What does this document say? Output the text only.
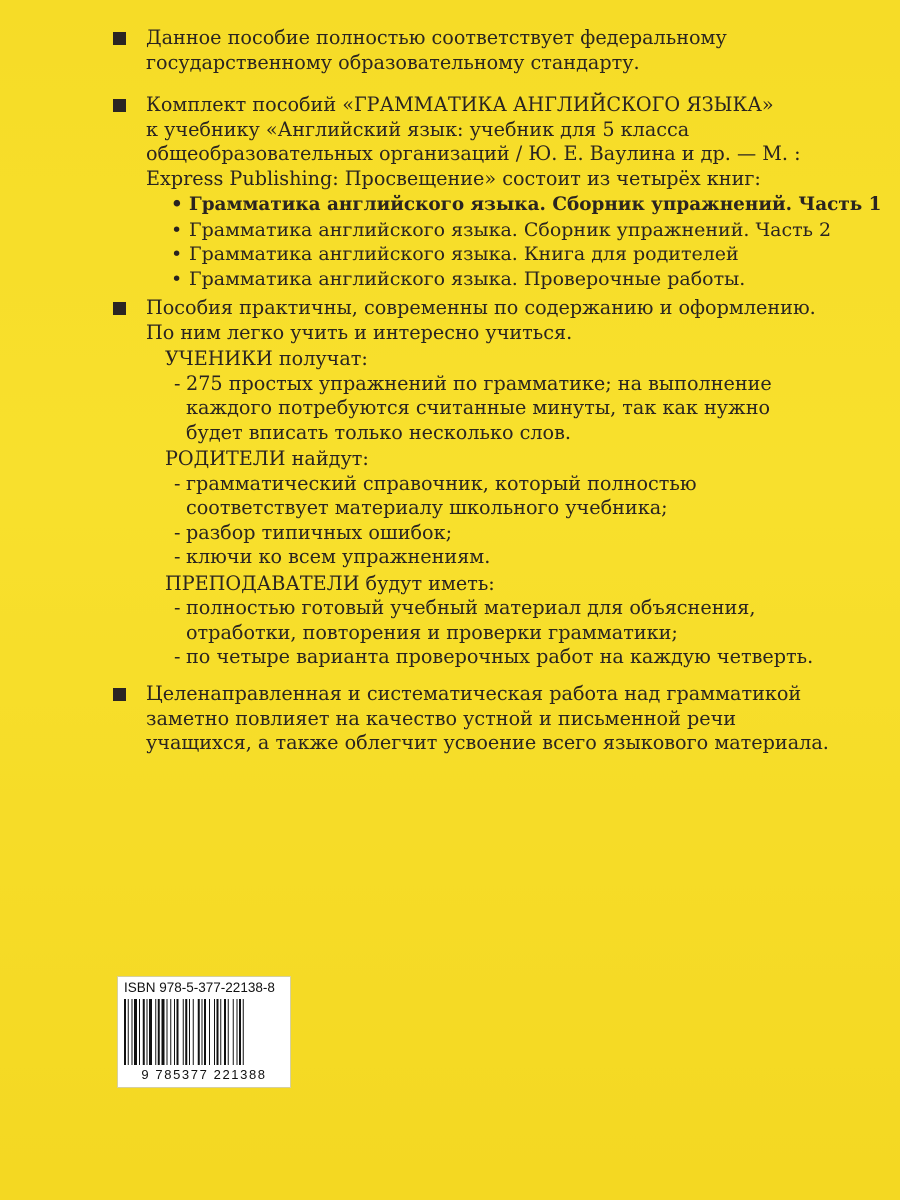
Данное пособие полностью соответствует федеральному
государственному образовательному стандарту.
Комплект пособий «ГРАММАТИКА АНГЛИЙСКОГО ЯЗЫКА»
к учебнику «Английский язык: учебник для 5 класса
общеобразовательных организаций / Ю. Е. Ваулина и др. — М. :
Express Publishing: Просвещение» состоит из четырёх книг:
• Грамматика английского языка. Сборник упражнений. Часть 1
• Грамматика английского языка. Сборник упражнений. Часть 2
• Грамматика английского языка. Книга для родителей
• Грамматика английского языка. Проверочные работы.
Пособия практичны, современны по содержанию и оформлению.
По ним легко учить и интересно учиться.
УЧЕНИКИ получат:
- 275 простых упражнений по грамматике; на выполнение
каждого потребуются считанные минуты, так как нужно
будет вписать только несколько слов.
РОДИТЕЛИ найдут:
- грамматический справочник, который полностью
соответствует материалу школьного учебника;
- разбор типичных ошибок;
- ключи ко всем упражнениям.
ПРЕПОДАВАТЕЛИ будут иметь:
- полностью готовый учебный материал для объяснения,
отработки, повторения и проверки грамматики;
- по четыре варианта проверочных работ на каждую четверть.
Целенаправленная и систематическая работа над грамматикой
заметно повлияет на качество устной и письменной речи
учащихся, а также облегчит усвоение всего языкового материала.
ISBN 978-5-377-22138-8
9 785377 221388
